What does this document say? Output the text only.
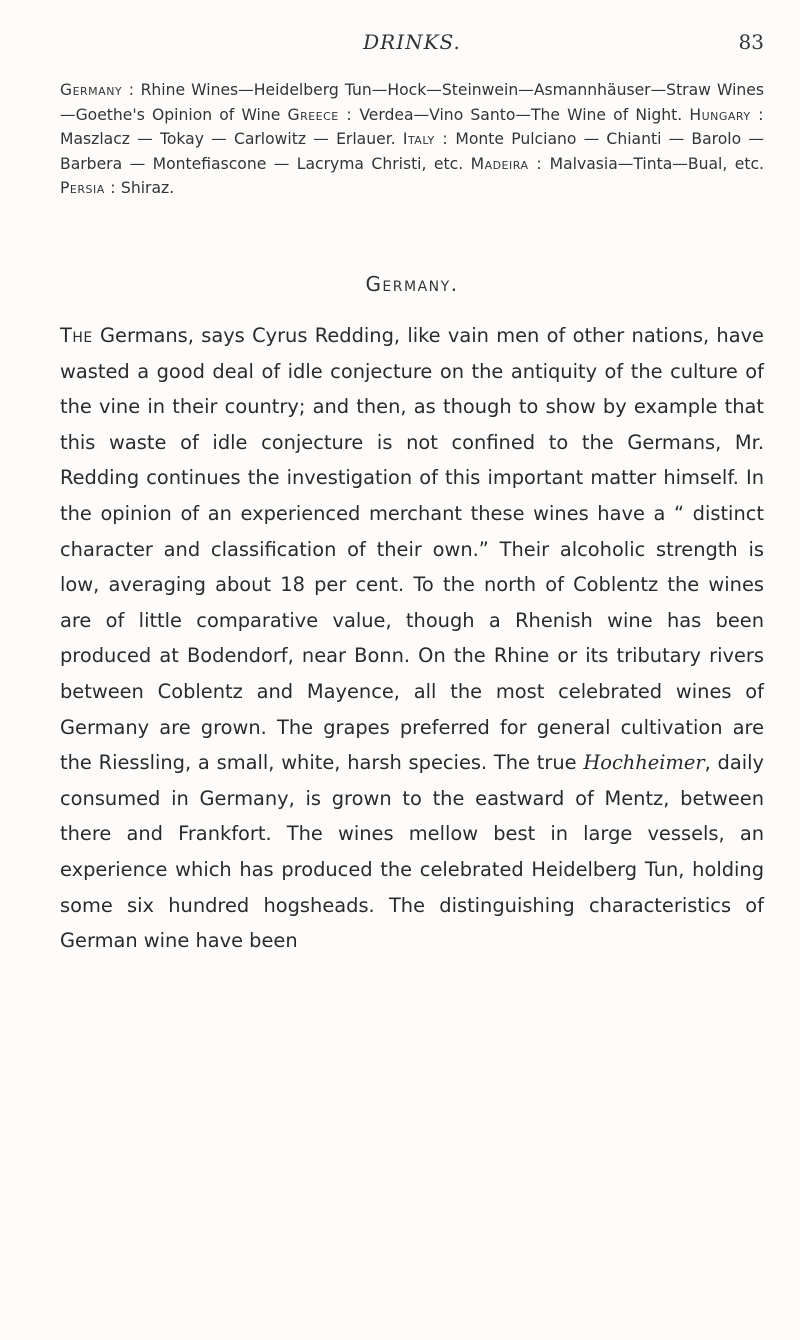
DRINKS.	83
Germany : Rhine Wines—Heidelberg Tun—Hock—Steinwein—Asmannhäuser—Straw Wines—Goethe's Opinion of Wine Greece : Verdea—Vino Santo—The Wine of Night. Hungary : Maszlacz — Tokay — Carlowitz — Erlauer. Italy : Monte Pulciano — Chianti — Barolo — Barbera — Montefiascone — Lacryma Christi, etc. Madeira : Malvasia—Tinta—Bual, etc. Persia : Shiraz.
Germany.
The Germans, says Cyrus Redding, like vain men of other nations, have wasted a good deal of idle conjecture on the antiquity of the culture of the vine in their country; and then, as though to show by example that this waste of idle conjecture is not confined to the Germans, Mr. Redding continues the investigation of this important matter himself. In the opinion of an experienced merchant these wines have a “ distinct character and classification of their own.” Their alcoholic strength is low, averaging about 18 per cent. To the north of Coblentz the wines are of little comparative value, though a Rhenish wine has been produced at Bodendorf, near Bonn. On the Rhine or its tributary rivers between Coblentz and Mayence, all the most celebrated wines of Germany are grown. The grapes preferred for general cultivation are the Riessling, a small, white, harsh species. The true Hochheimer, daily consumed in Germany, is grown to the eastward of Mentz, between there and Frankfort. The wines mellow best in large vessels, an experience which has produced the celebrated Heidelberg Tun, holding some six hundred hogsheads. The distinguishing characteristics of German wine have been
